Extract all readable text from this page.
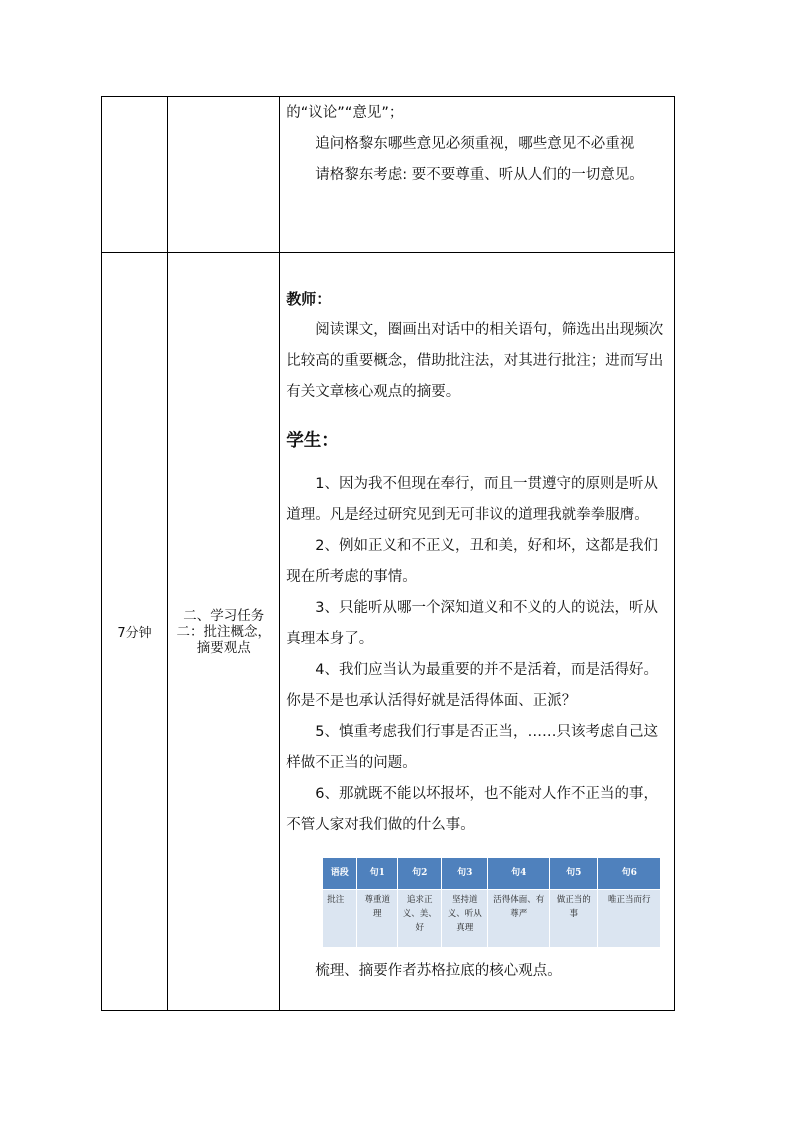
的“议论”“意见”；

追问格黎东哪些意见必须重视，哪些意见不必重视

请格黎东考虑: 要不要尊重、听从人们的一切意见。

7分钟	二、学习任务二：批注概念，摘要观点	

教师：

阅读课文，圈画出对话中的相关语句，筛选出出现频次比较高的重要概念，借助批注法，对其进行批注；进而写出有关文章核心观点的摘要。

学生：

1、因为我不但现在奉行，而且一贯遵守的原则是听从道理。凡是经过研究见到无可非议的道理我就拳拳服膺。

2、例如正义和不正义，丑和美，好和坏，这都是我们现在所考虑的事情。

3、只能听从哪一个深知道义和不义的人的说法，听从真理本身了。

4、我们应当认为最重要的并不是活着，而是活得好。你是不是也承认活得好就是活得体面、正派？

5、慎重考虑我们行事是否正当，……只该考虑自己这样做不正当的问题。

6、那就既不能以坏报坏，也不能对人作不正当的事，不管人家对我们做的什么事。

语段	句1	句2	句3	句4	句5	句6
批注	尊重道理	追求正义、美、好	坚持道义、听从真理	活得体面、有尊严	做正当的事	唯正当而行

梳理、摘要作者苏格拉底的核心观点。
